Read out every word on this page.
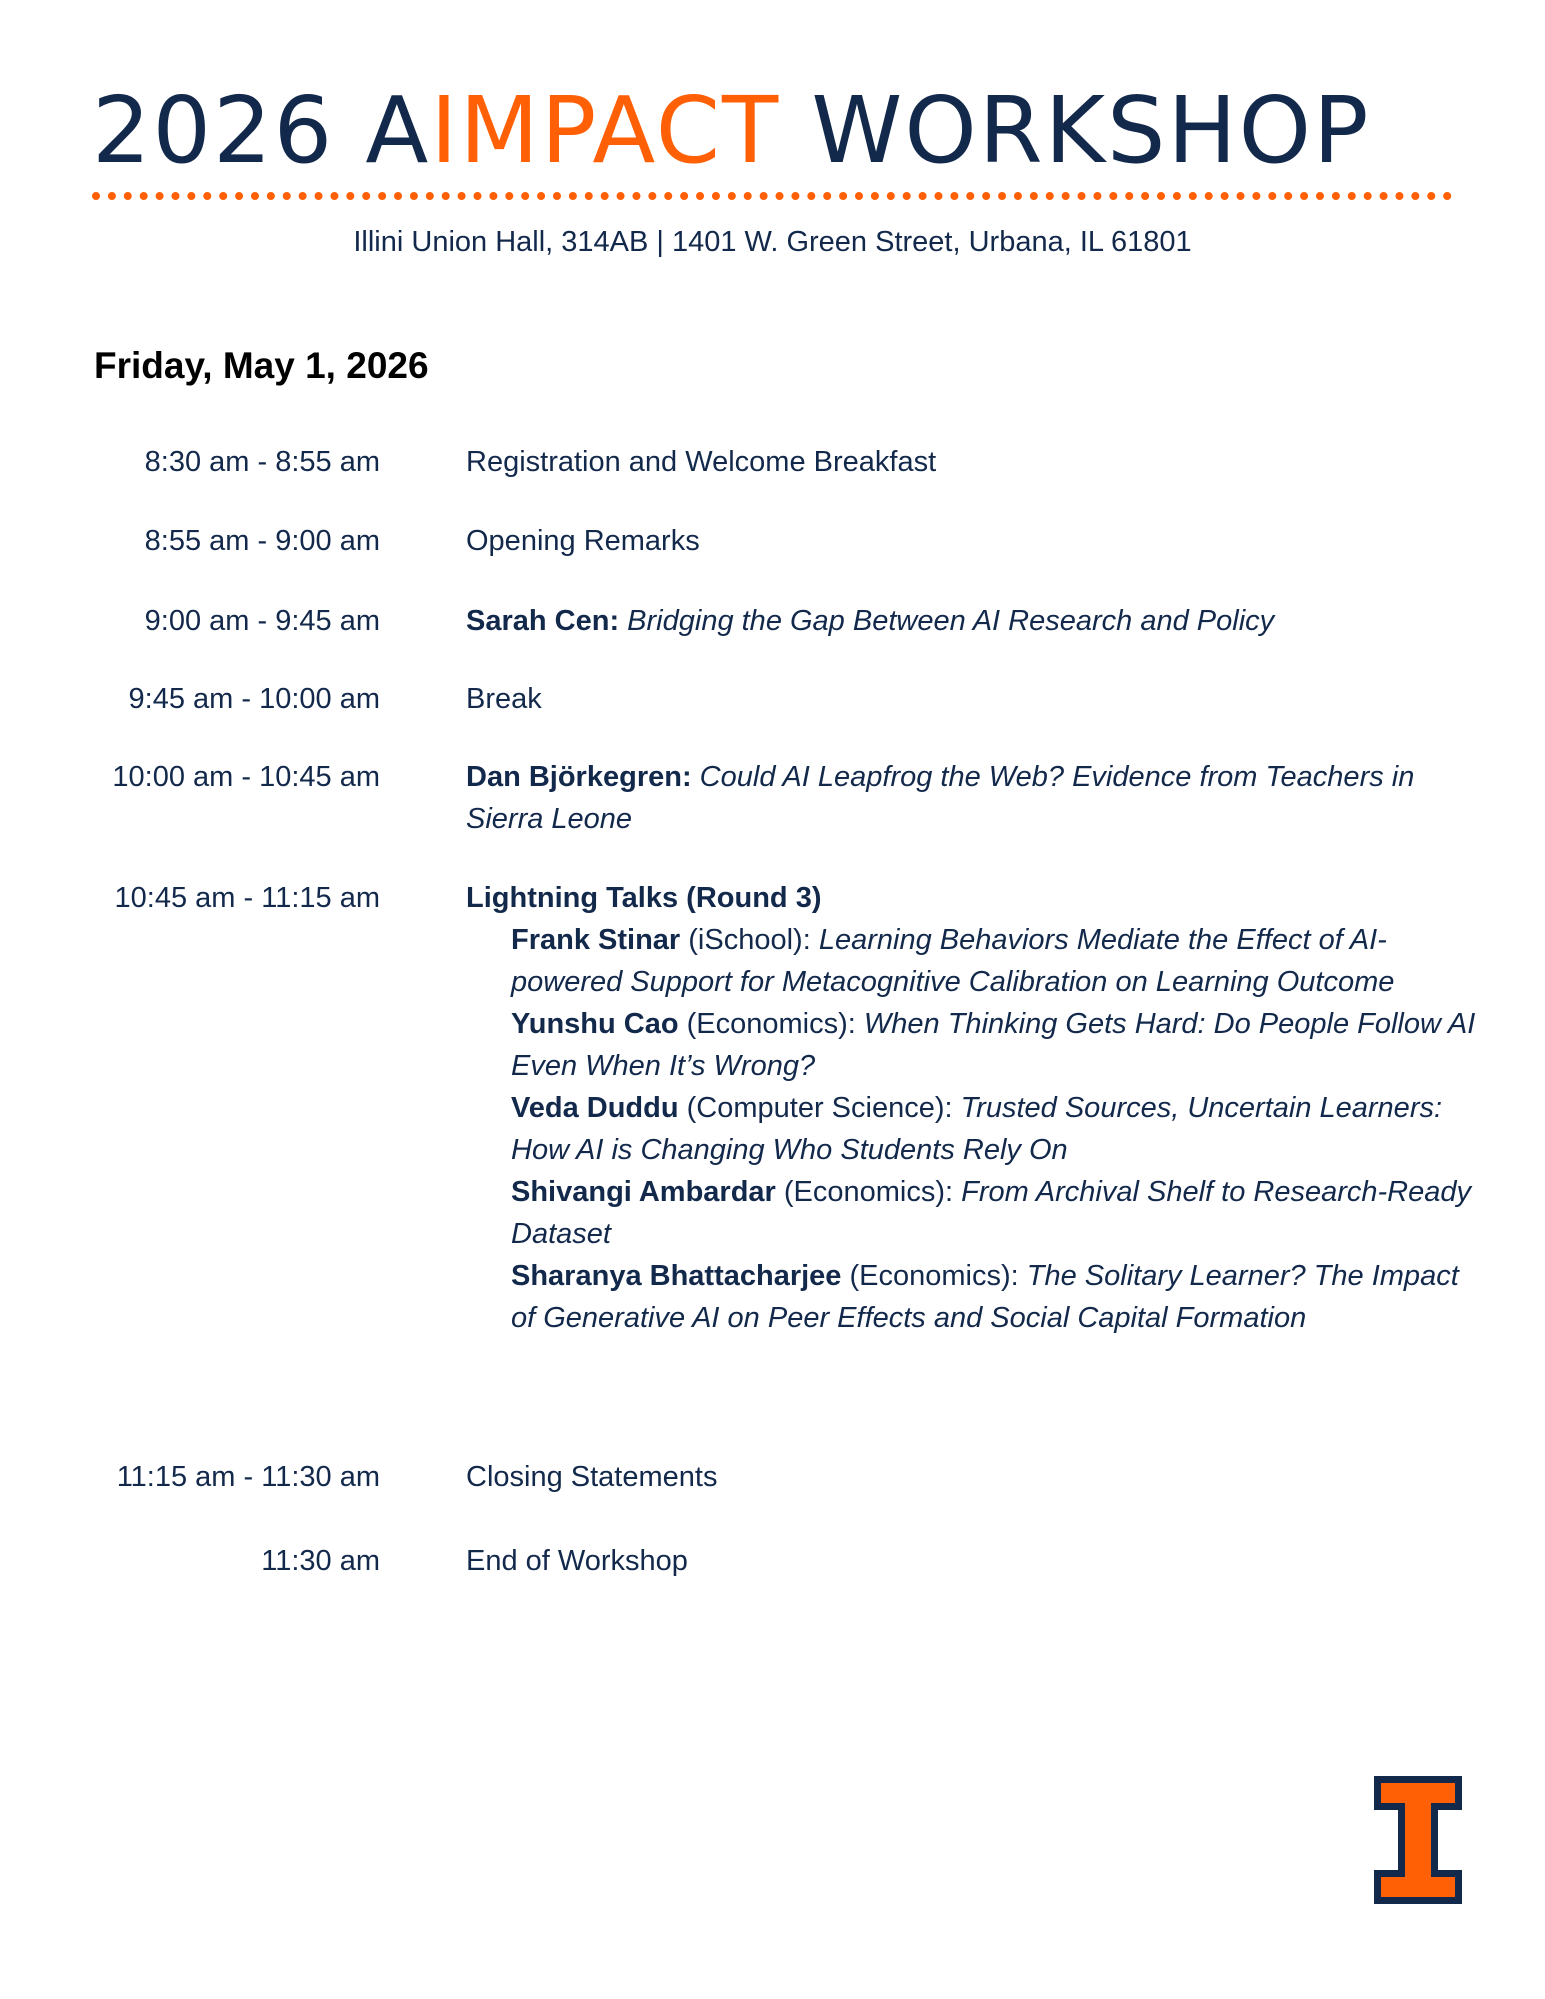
2026 AIMPACT WORKSHOP
Illini Union Hall, 314AB | 1401 W. Green Street, Urbana, IL 61801
Friday, May 1, 2026
8:30 am - 8:55 am	Registration and Welcome Breakfast
8:55 am - 9:00 am	Opening Remarks
9:00 am - 9:45 am	Sarah Cen: Bridging the Gap Between AI Research and Policy
9:45 am - 10:00 am	Break
10:00 am - 10:45 am	Dan Björkegren: Could AI Leapfrog the Web? Evidence from Teachers in Sierra Leone
10:45 am - 11:15 am	Lightning Talks (Round 3)
Frank Stinar (iSchool): Learning Behaviors Mediate the Effect of AI-powered Support for Metacognitive Calibration on Learning Outcome
Yunshu Cao (Economics): When Thinking Gets Hard: Do People Follow AI Even When It’s Wrong?
Veda Duddu (Computer Science): Trusted Sources, Uncertain Learners: How AI is Changing Who Students Rely On
Shivangi Ambardar (Economics): From Archival Shelf to Research-Ready Dataset
Sharanya Bhattacharjee (Economics): The Solitary Learner? The Impact of Generative AI on Peer Effects and Social Capital Formation
11:15 am - 11:30 am	Closing Statements
11:30 am	End of Workshop
